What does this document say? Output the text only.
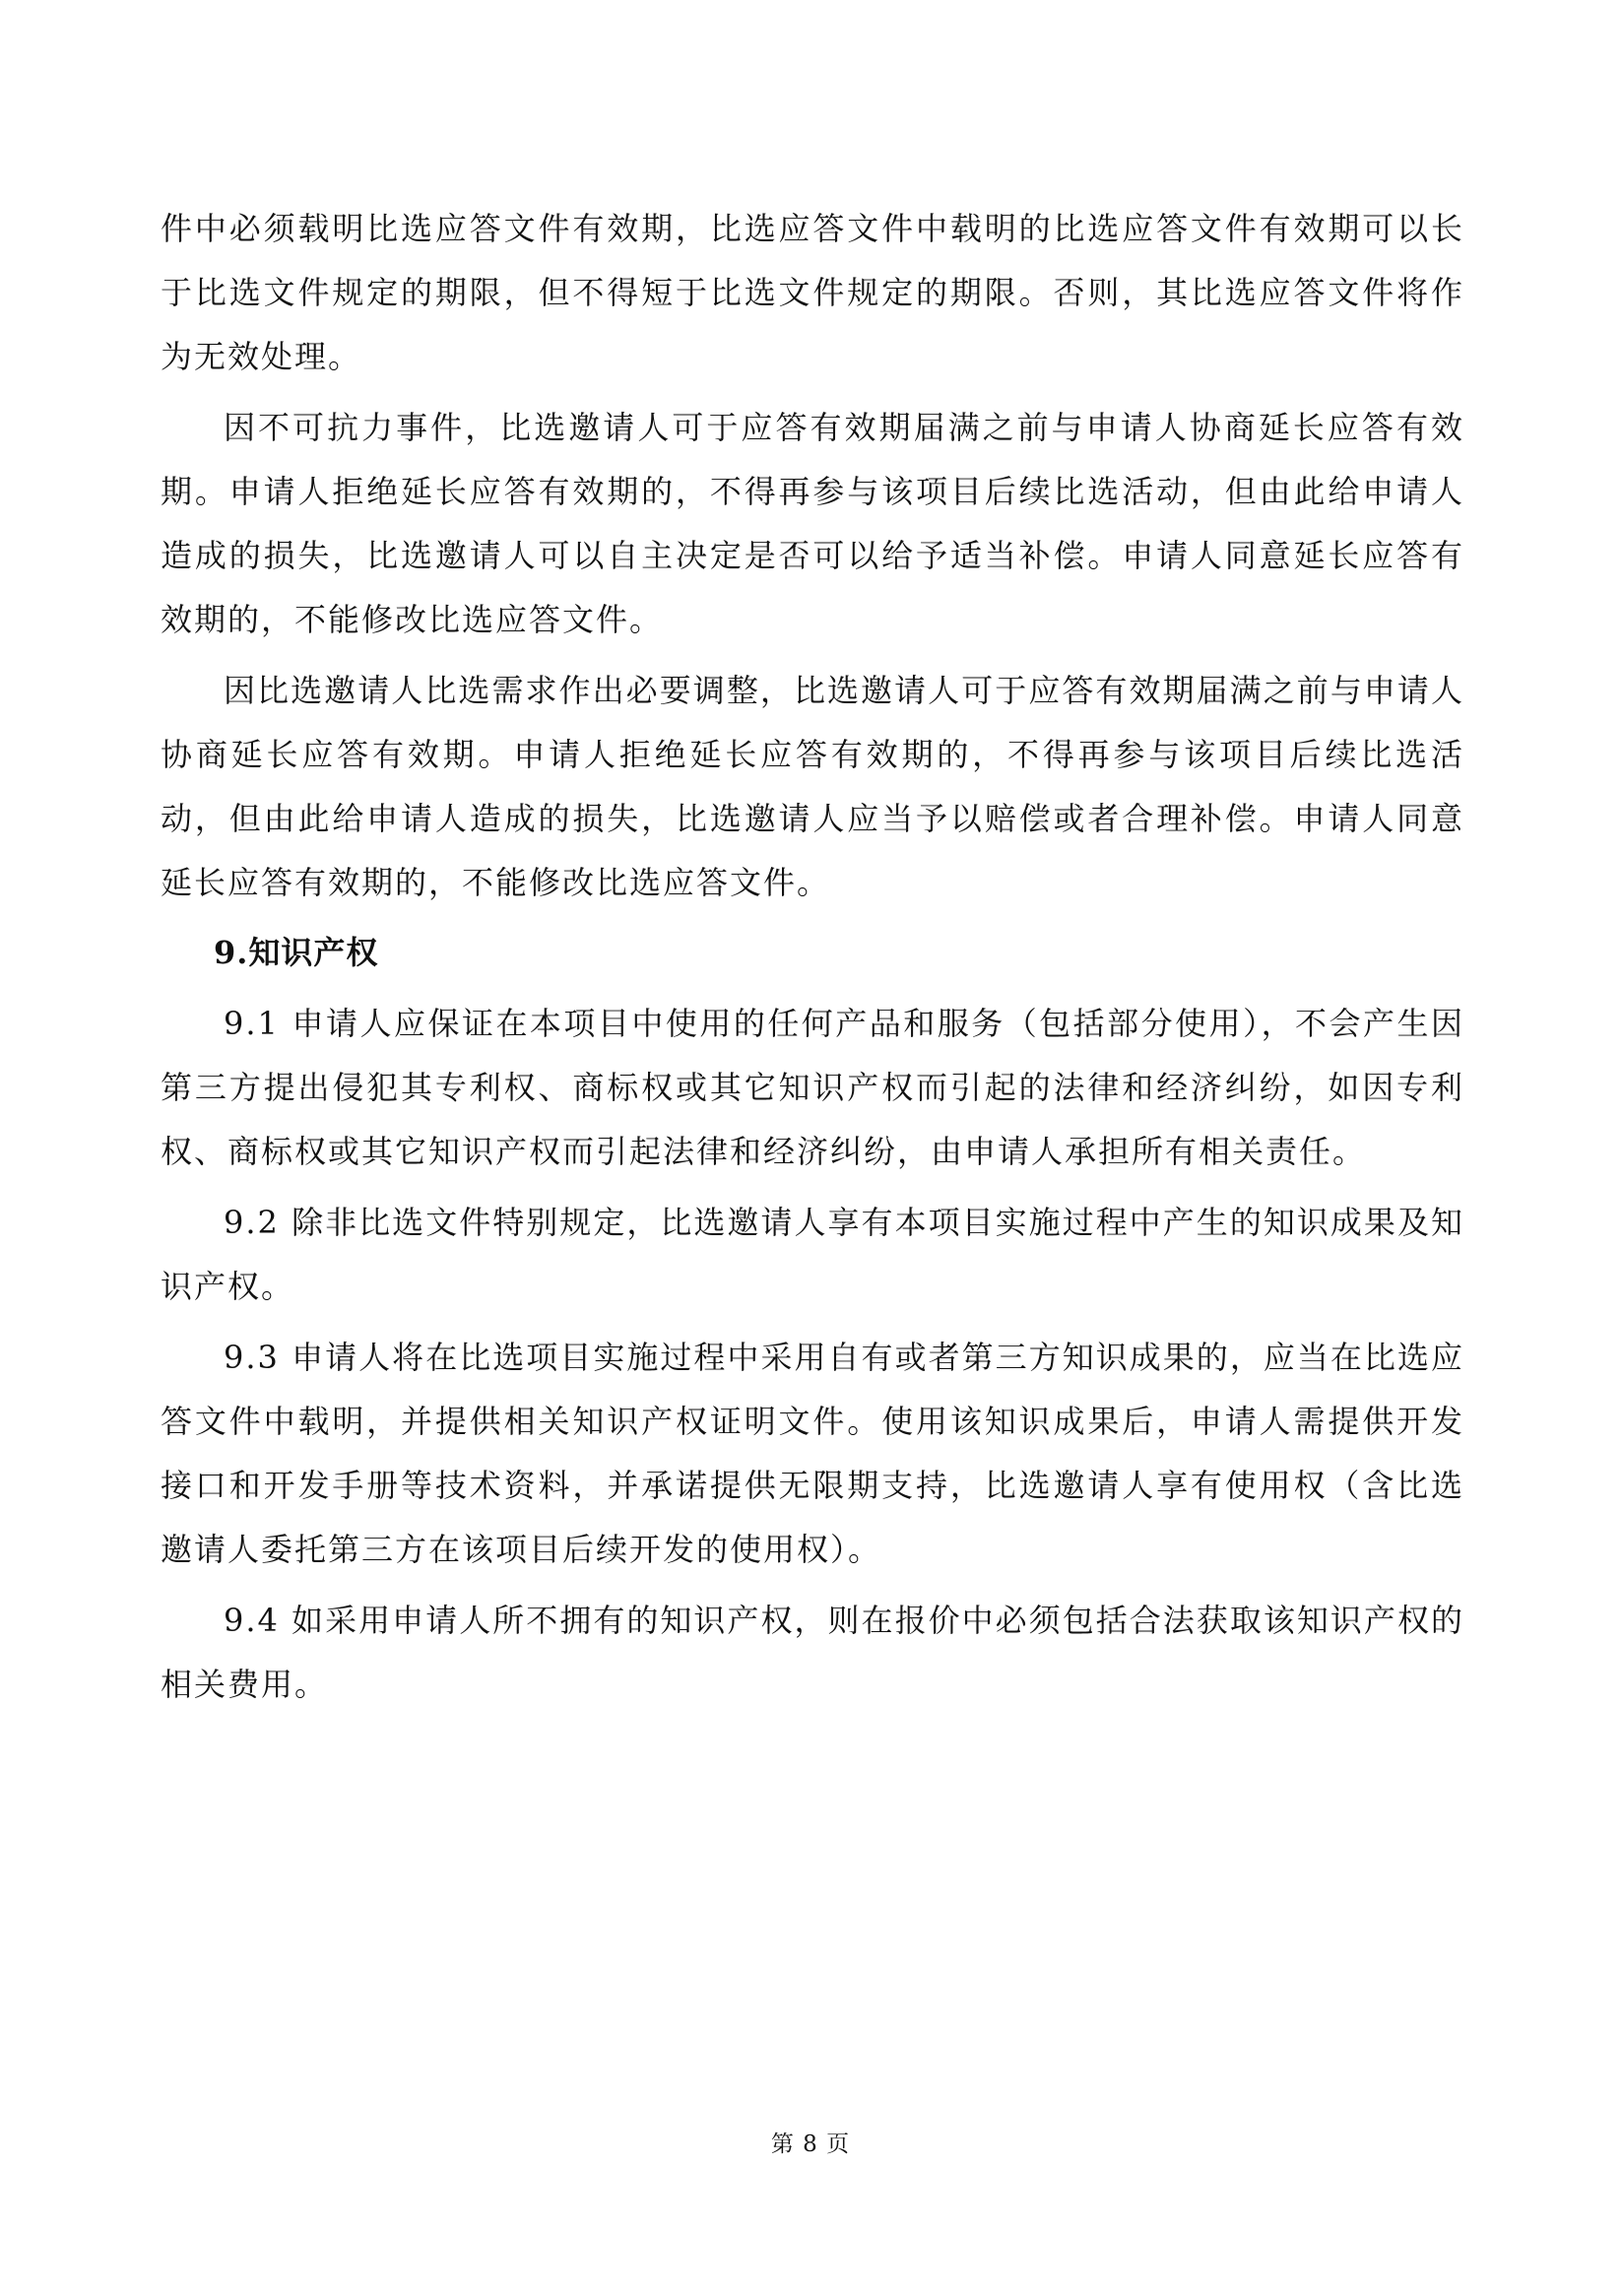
件中必须载明比选应答文件有效期，比选应答文件中载明的比选应答文件有效期可以长于比选文件规定的期限，但不得短于比选文件规定的期限。否则，其比选应答文件将作为无效处理。

因不可抗力事件，比选邀请人可于应答有效期届满之前与申请人协商延长应答有效期。申请人拒绝延长应答有效期的，不得再参与该项目后续比选活动，但由此给申请人造成的损失，比选邀请人可以自主决定是否可以给予适当补偿。申请人同意延长应答有效期的，不能修改比选应答文件。

因比选邀请人比选需求作出必要调整，比选邀请人可于应答有效期届满之前与申请人协商延长应答有效期。申请人拒绝延长应答有效期的，不得再参与该项目后续比选活动，但由此给申请人造成的损失，比选邀请人应当予以赔偿或者合理补偿。申请人同意延长应答有效期的，不能修改比选应答文件。

9.知识产权

9.1 申请人应保证在本项目中使用的任何产品和服务（包括部分使用），不会产生因第三方提出侵犯其专利权、商标权或其它知识产权而引起的法律和经济纠纷，如因专利权、商标权或其它知识产权而引起法律和经济纠纷，由申请人承担所有相关责任。

9.2 除非比选文件特别规定，比选邀请人享有本项目实施过程中产生的知识成果及知识产权。

9.3 申请人将在比选项目实施过程中采用自有或者第三方知识成果的，应当在比选应答文件中载明，并提供相关知识产权证明文件。使用该知识成果后，申请人需提供开发接口和开发手册等技术资料，并承诺提供无限期支持，比选邀请人享有使用权（含比选邀请人委托第三方在该项目后续开发的使用权）。

9.4 如采用申请人所不拥有的知识产权，则在报价中必须包括合法获取该知识产权的相关费用。

第 8 页
